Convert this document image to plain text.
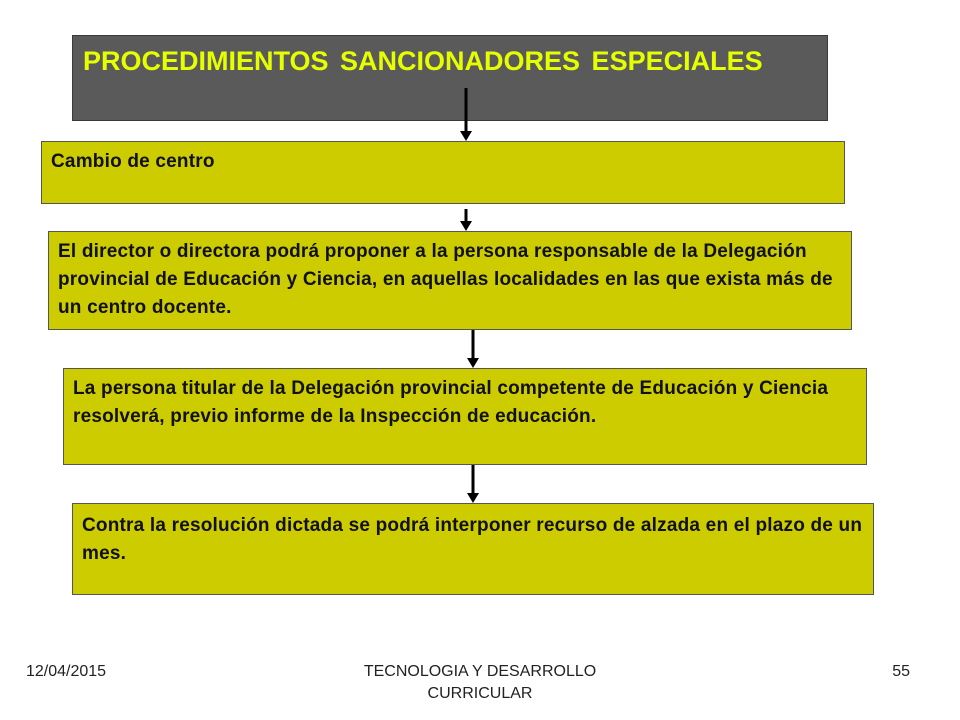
PROCEDIMIENTOS SANCIONADORES ESPECIALES
Cambio de centro
El director o directora podrá proponer a la persona responsable de la Delegación provincial de Educación y Ciencia, en aquellas localidades en las que exista más de un centro docente.
La persona titular de la Delegación provincial competente de Educación y Ciencia resolverá, previo informe de la Inspección de educación.
Contra la resolución dictada se podrá interponer recurso de alzada en el plazo de un mes.
12/04/2015	TECNOLOGIA Y DESARROLLO CURRICULAR
55
